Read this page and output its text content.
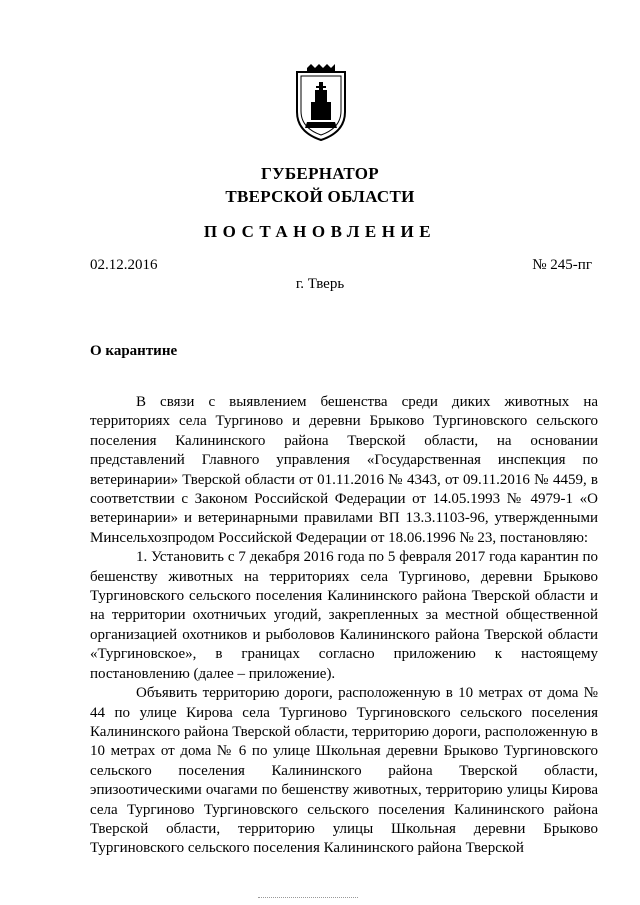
ГУБЕРНАТОР
ТВЕРСКОЙ ОБЛАСТИ
ПОСТАНОВЛЕНИЕ
02.12.2016	№ 245-пг
г. Тверь
О карантине

В связи с выявлением бешенства среди диких животных на территориях села Тургиново и деревни Брыково Тургиновского сельского поселения Калининского района Тверской области, на основании представлений Главного управления «Государственная инспекция по ветеринарии» Тверской области от 01.11.2016 № 4343, от 09.11.2016 № 4459, в соответствии с Законом Российской Федерации от 14.05.1993 № 4979-1 «О ветеринарии» и ветеринарными правилами ВП 13.3.1103-96, утвержденными Минсельхозпродом Российской Федерации от 18.06.1996 № 23, постановляю:

1. Установить с 7 декабря 2016 года по 5 февраля 2017 года карантин по бешенству животных на территориях села Тургиново, деревни Брыково Тургиновского сельского поселения Калининского района Тверской области и на территории охотничьих угодий, закрепленных за местной общественной организацией охотников и рыболовов Калининского района Тверской области «Тургиновское», в границах согласно приложению к настоящему постановлению (далее – приложение).

Объявить территорию дороги, расположенную в 10 метрах от дома № 44 по улице Кирова села Тургиново Тургиновского сельского поселения Калининского района Тверской области, территорию дороги, расположенную в 10 метрах от дома № 6 по улице Школьная деревни Брыково Тургиновского сельского поселения Калининского района Тверской области, эпизоотическими очагами по бешенству животных, территорию улицы Кирова села Тургиново Тургиновского сельского поселения Калининского района Тверской области, территорию улицы Школьная деревни Брыково Тургиновского сельского поселения Калининского района Тверской
